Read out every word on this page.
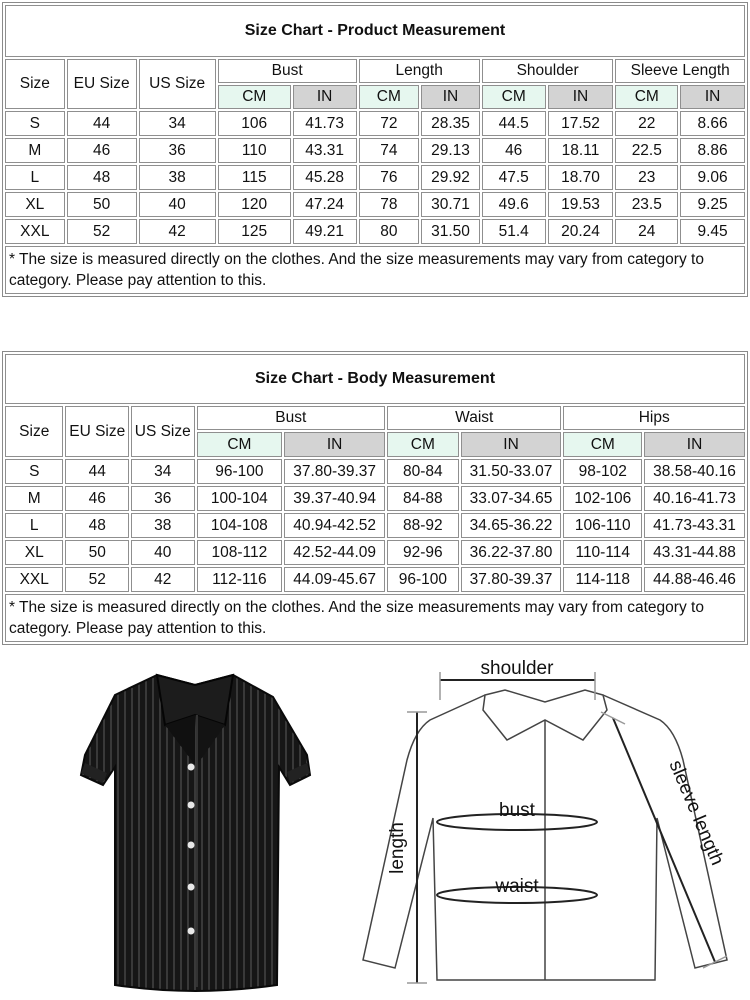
Size Chart - Product Measurement										
Size	EU Size	US Size	Bust		Length		Shoulder		Sleeve Length	
			CM	IN	CM	IN	CM	IN	CM	IN
S	44	34	106	41.73	72	28.35	44.5	17.52	22	8.66
M	46	36	110	43.31	74	29.13	46	18.11	22.5	8.86
L	48	38	115	45.28	76	29.92	47.5	18.70	23	9.06
XL	50	40	120	47.24	78	30.71	49.6	19.53	23.5	9.25
XXL	52	42	125	49.21	80	31.50	51.4	20.24	24	9.45
* The size is measured directly on the clothes. And the size measurements may vary from category to category. Please pay attention to this.										
Size Chart - Body Measurement								
Size	EU Size	US Size	Bust		Waist		Hips	
			CM	IN	CM	IN	CM	IN
S	44	34	96-100	37.80-39.37	80-84	31.50-33.07	98-102	38.58-40.16
M	46	36	100-104	39.37-40.94	84-88	33.07-34.65	102-106	40.16-41.73
L	48	38	104-108	40.94-42.52	88-92	34.65-36.22	106-110	41.73-43.31
XL	50	40	108-112	42.52-44.09	92-96	36.22-37.80	110-114	43.31-44.88
XXL	52	42	112-116	44.09-45.67	96-100	37.80-39.37	114-118	44.88-46.46
* The size is measured directly on the clothes. And the size measurements may vary from category to category. Please pay attention to this.								
shoulder
bust
waist
length	sleeve length
